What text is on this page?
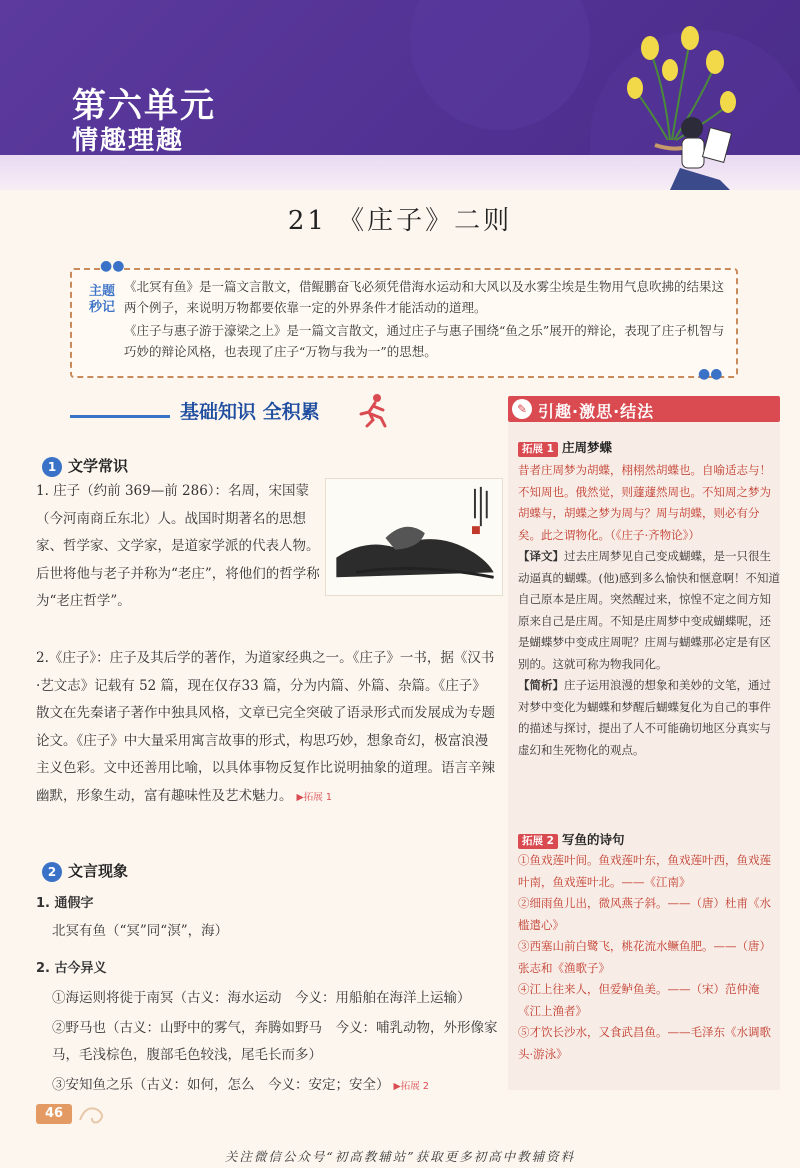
第六单元
情趣理趣
21 《庄子》二则
●●
主题
秒记

《北冥有鱼》是一篇文言散文，借鲲鹏奋飞必须凭借海水运动和大风以及水雾尘埃是生物用气息吹拂的结果这两个例子，来说明万物都要依靠一定的外界条件才能活动的道理。

《庄子与惠子游于濠梁之上》是一篇文言散文，通过庄子与惠子围绕“鱼之乐”展开的辩论，表现了庄子机智与巧妙的辩论风格，也表现了庄子“万物与我为一”的思想。

●●
基础知识 全积累	✎ 引趣·激思·结法
1 文学常识
1. 庄子（约前 369—前 286）：名周，宋国蒙（今河南商丘东北）人。战国时期著名的思想家、哲学家、文学家，是道家学派的代表人物。后世将他与老子并称为“老庄”，将他们的哲学称为“老庄哲学”。
2.《庄子》：庄子及其后学的著作，为道家经典之一。《庄子》一书，据《汉书·艺文志》记载有 52 篇，现在仅存33 篇，分为内篇、外篇、杂篇。《庄子》散文在先秦诸子著作中独具风格，文章已完全突破了语录形式而发展成为专题论文。《庄子》中大量采用寓言故事的形式，构思巧妙，想象奇幻，极富浪漫主义色彩。文中还善用比喻，以具体事物反复作比说明抽象的道理。语言辛辣幽默，形象生动，富有趣味性及艺术魅力。 ▶拓展 1
2 文言现象
1. 通假字
北冥有鱼（“冥”同“溟”，海）
2. 古今异义
①海运则将徙于南冥（古义：海水运动　今义：用船舶在海洋上运输）
②野马也（古义：山野中的雾气，奔腾如野马　今义：哺乳动物，外形像家马，毛浅棕色，腹部毛色较浅，尾毛长而多）
③安知鱼之乐（古义：如何，怎么　今义：安定；安全） ▶拓展 2
拓展 1 庄周梦蝶
昔者庄周梦为胡蝶，栩栩然胡蝶也。自喻适志与！不知周也。俄然觉，则蘧蘧然周也。不知周之梦为胡蝶与，胡蝶之梦为周与？周与胡蝶，则必有分矣。此之谓物化。（《庄子·齐物论》）
【译文】过去庄周梦见自己变成蝴蝶，是一只很生动逼真的蝴蝶。(他)感到多么愉快和惬意啊！不知道自己原本是庄周。突然醒过来，惊惶不定之间方知原来自己是庄周。不知是庄周梦中变成蝴蝶呢，还是蝴蝶梦中变成庄周呢？庄周与蝴蝶那必定是有区别的。这就可称为物我同化。
【简析】庄子运用浪漫的想象和美妙的文笔，通过对梦中变化为蝴蝶和梦醒后蝴蝶复化为自己的事件的描述与探讨，提出了人不可能确切地区分真实与虚幻和生死物化的观点。
拓展 2 写鱼的诗句
①鱼戏莲叶间。鱼戏莲叶东，鱼戏莲叶西，鱼戏莲叶南，鱼戏莲叶北。——《江南》
②细雨鱼儿出，微风燕子斜。——（唐）杜甫《水槛遣心》
③西塞山前白鹭飞，桃花流水鳜鱼肥。——（唐）张志和《渔歌子》
④江上往来人，但爱鲈鱼美。——（宋）范仲淹《江上渔者》
⑤才饮长沙水，又食武昌鱼。——毛泽东《水调歌头·游泳》
46
关注微信公众号“初高教辅站”获取更多初高中教辅资料
